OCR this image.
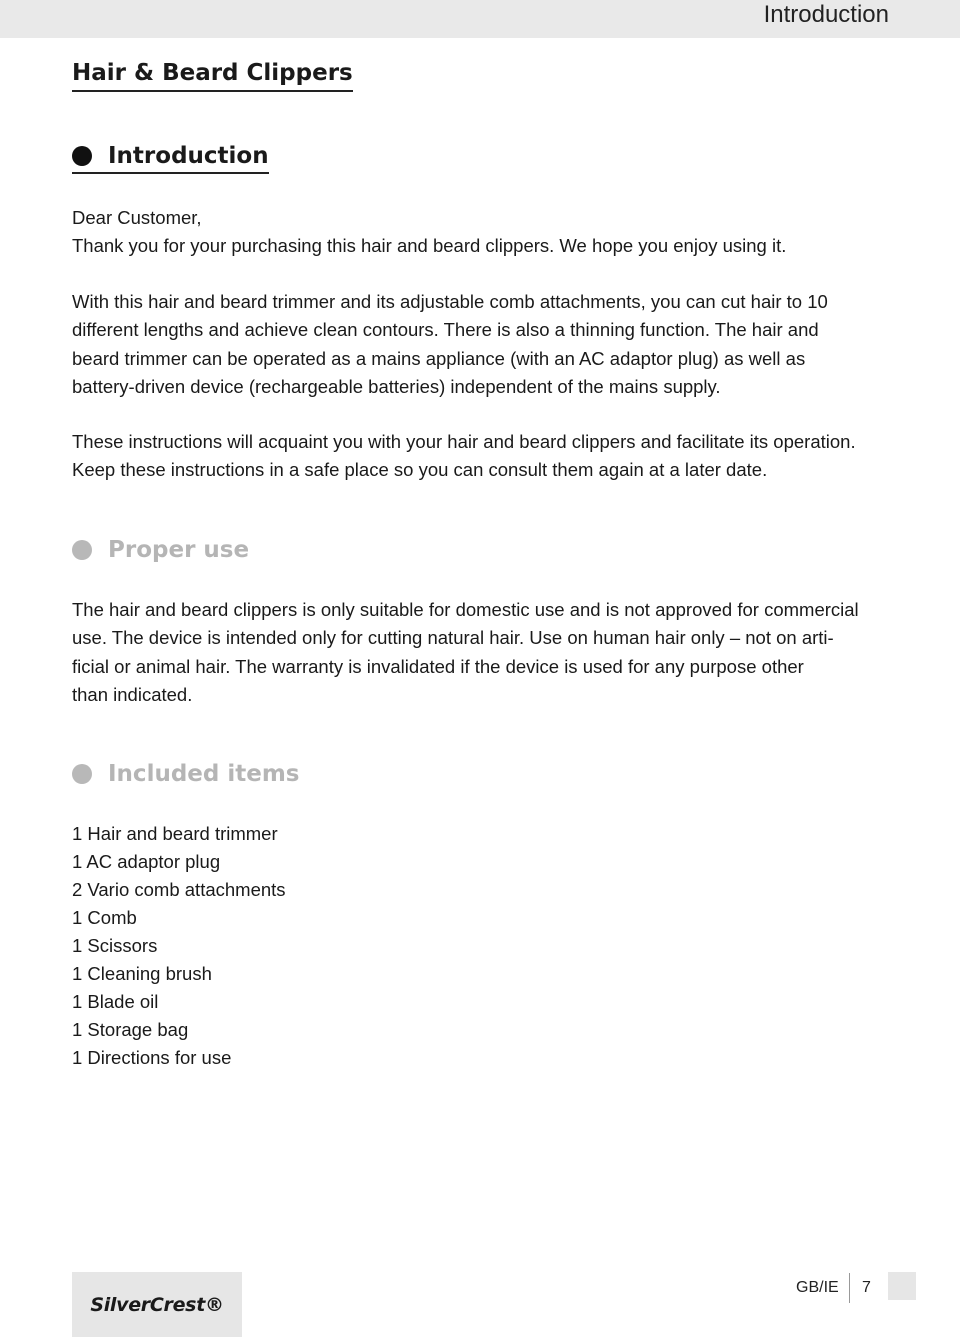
Introduction
Hair & Beard Clippers
Introduction

Dear Customer,
Thank you for your purchasing this hair and beard clippers. We hope you enjoy using it.

With this hair and beard trimmer and its adjustable comb attachments, you can cut hair to 10
different lengths and achieve clean contours. There is also a thinning function. The hair and
beard trimmer can be operated as a mains appliance (with an AC adaptor plug) as well as
battery-driven device (rechargeable batteries) independent of the mains supply.

These instructions will acquaint you with your hair and beard clippers and facilitate its operation.
Keep these instructions in a safe place so you can consult them again at a later date.

Proper use

The hair and beard clippers is only suitable for domestic use and is not approved for commercial
use. The device is intended only for cutting natural hair. Use on human hair only – not on arti-
ficial or animal hair. The warranty is invalidated if the device is used for any purpose other
than indicated.

Included items
1 Hair and beard trimmer
1 AC adaptor plug
2 Vario comb attachments
1 Comb
1 Scissors
1 Cleaning brush
1 Blade oil
1 Storage bag
1 Directions for use
SilverCrest®
GB/IE 7
